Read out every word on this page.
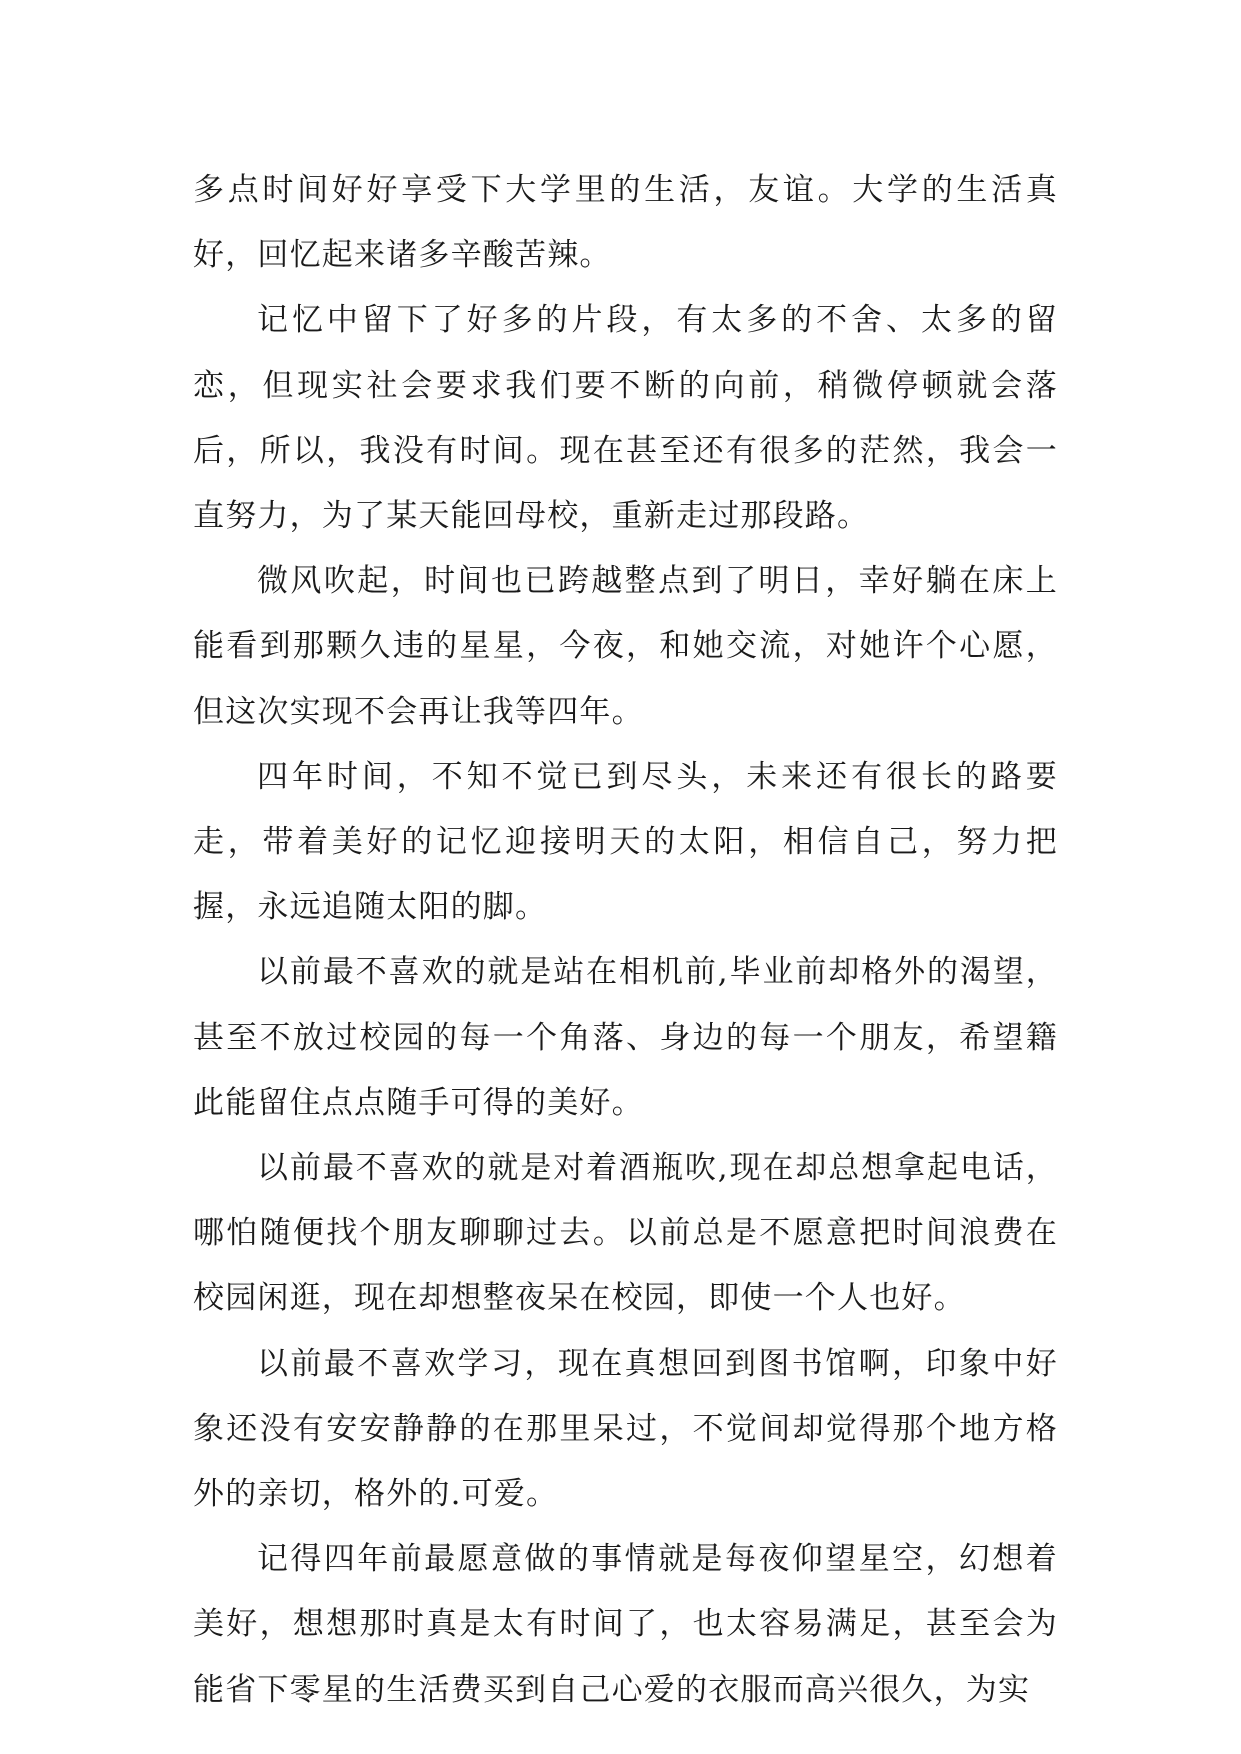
多点时间好好享受下大学里的生活，友谊。大学的生活真好，回忆起来诸多辛酸苦辣。

记忆中留下了好多的片段，有太多的不舍、太多的留恋，但现实社会要求我们要不断的向前，稍微停顿就会落后，所以，我没有时间。现在甚至还有很多的茫然，我会一直努力，为了某天能回母校，重新走过那段路。

微风吹起，时间也已跨越整点到了明日，幸好躺在床上能看到那颗久违的星星，今夜，和她交流，对她许个心愿，但这次实现不会再让我等四年。

四年时间，不知不觉已到尽头，未来还有很长的路要走，带着美好的记忆迎接明天的太阳，相信自己，努力把握，永远追随太阳的脚。

以前最不喜欢的就是站在相机前,毕业前却格外的渴望，甚至不放过校园的每一个角落、身边的每一个朋友，希望籍此能留住点点随手可得的美好。

以前最不喜欢的就是对着酒瓶吹,现在却总想拿起电话，哪怕随便找个朋友聊聊过去。以前总是不愿意把时间浪费在校园闲逛，现在却想整夜呆在校园，即使一个人也好。

以前最不喜欢学习，现在真想回到图书馆啊，印象中好象还没有安安静静的在那里呆过，不觉间却觉得那个地方格外的亲切，格外的.可爱。

记得四年前最愿意做的事情就是每夜仰望星空，幻想着美好，想想那时真是太有时间了，也太容易满足，甚至会为能省下零星的生活费买到自己心爱的衣服而高兴很久，为实
